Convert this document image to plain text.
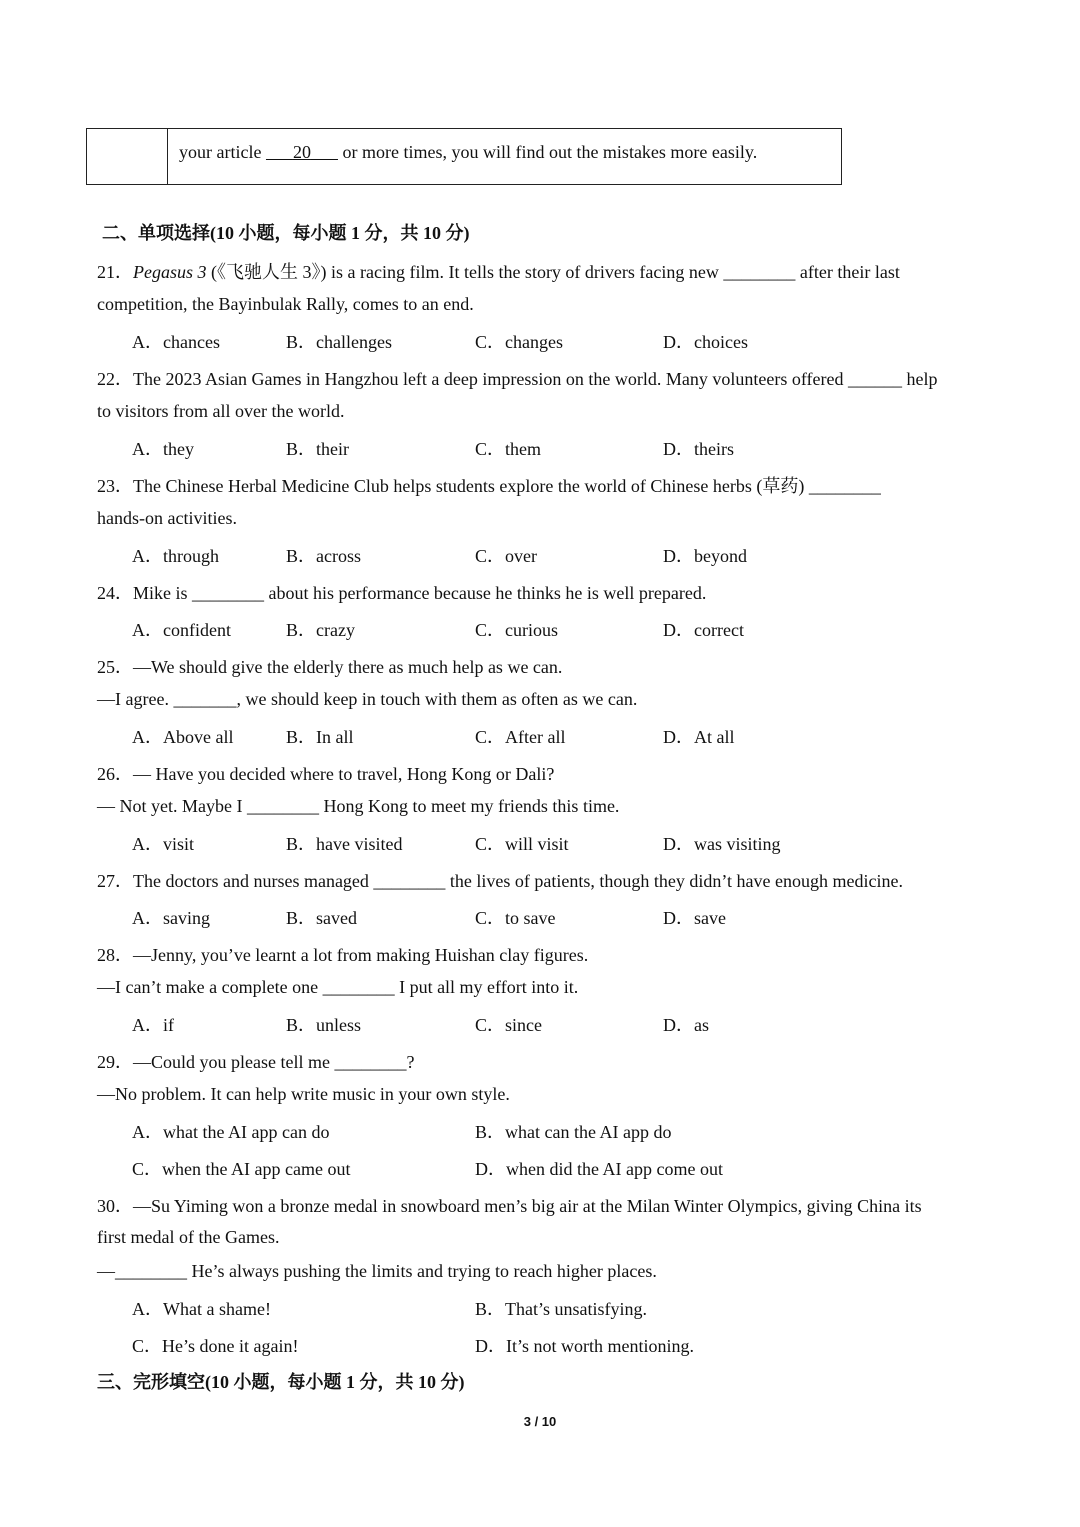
your article       20       or more times, you will find out the mistakes more easily.
二、单项选择(10 小题，每小题 1 分，共 10 分)
21．Pegasus 3 (《飞驰人生 3》) is a racing film. It tells the story of drivers facing new ________ after their last
competition, the Bayinbulak Rally, comes to an end.
A．chances	B．challenges	C．changes	D．choices
22．The 2023 Asian Games in Hangzhou left a deep impression on the world. Many volunteers offered ______ help
to visitors from all over the world.
A．they	B．their	C．them	D．theirs
23．The Chinese Herbal Medicine Club helps students explore the world of Chinese herbs (草药) ________
hands-on activities.
A．through	B．across	C．over	D．beyond
24．Mike is ________ about his performance because he thinks he is well prepared.
A．confident	B．crazy	C．curious	D．correct
25．—We should give the elderly there as much help as we can.
—I agree. _______, we should keep in touch with them as often as we can.
A．Above all	B．In all	C．After all	D．At all
26．— Have you decided where to travel, Hong Kong or Dali?
— Not yet. Maybe I ________ Hong Kong to meet my friends this time.
A．visit	B．have visited	C．will visit	D．was visiting
27．The doctors and nurses managed ________ the lives of patients, though they didn’t have enough medicine.
A．saving	B．saved	C．to save	D．save
28．—Jenny, you’ve learnt a lot from making Huishan clay figures.
—I can’t make a complete one ________ I put all my effort into it.
A．if	B．unless	C．since	D．as
29．—Could you please tell me ________?
—No problem. It can help write music in your own style.
A．what the AI app can do	B．what can the AI app do
C．when the AI app came out	D．when did the AI app come out
30．—Su Yiming won a bronze medal in snowboard men’s big air at the Milan Winter Olympics, giving China its
first medal of the Games.
—________ He’s always pushing the limits and trying to reach higher places.
A．What a shame!	B．That’s unsatisfying.
C．He’s done it again!	D．It’s not worth mentioning.
三、完形填空(10 小题，每小题 1 分，共 10 分)
3 / 10
